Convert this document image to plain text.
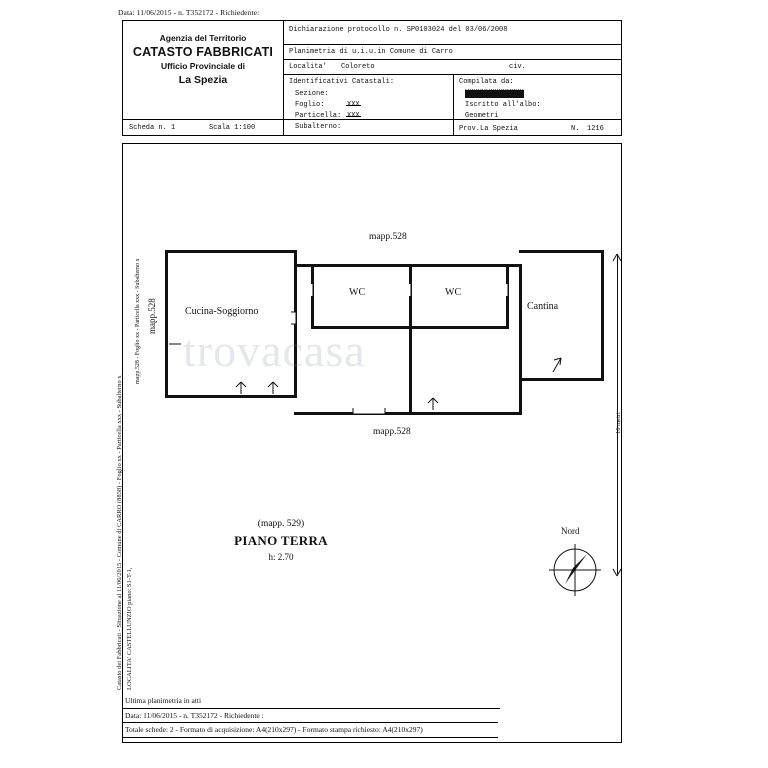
Data: 11/06/2015 - n. T352172 - Richiedente:
Agenzia del Territorio
CATASTO FABBRICATI
Ufficio Provinciale di
La Spezia
Scheda n. 1	Scala 1:100
Dichiarazione protocollo n. SP0103024 del 03/06/2008
Planimetria di u.i.u.in Comune di Carro
Localita' Coloreto	civ.
Identificativi Catastali:
Sezione:
Foglio:	XXX
Particella: XXX
Subalterno:
Compilata da:
XXXXXXXXXXXXXX
Iscritto all'albo:
Geometri
Prov.La Spezia	N. 1216
Cucina-Soggiorno
WC	WC
Cantina
mapp.528
mapp.528
mapp.528
trovacasa
(mapp. 529)
PIANO TERRA
h: 2.70
Nord
10 metri
mapp.528 - Foglio xx - Particella xxx - Subalterno x
Catasto dei Fabbricati - Situazione al 11/06/2015 - Comune di CARRO (8838) - Foglio xx - Particella xxx - Subalterno x LOCALITA' CASTELLUNZIO piano: S1-T-1,
Ultima planimetria in atti
Data: 11/06/2015 - n. T352172 - Richiedente :
Totale schede: 2 - Formato di acquisizione: A4(210x297) - Formato stampa richiesto: A4(210x297)
